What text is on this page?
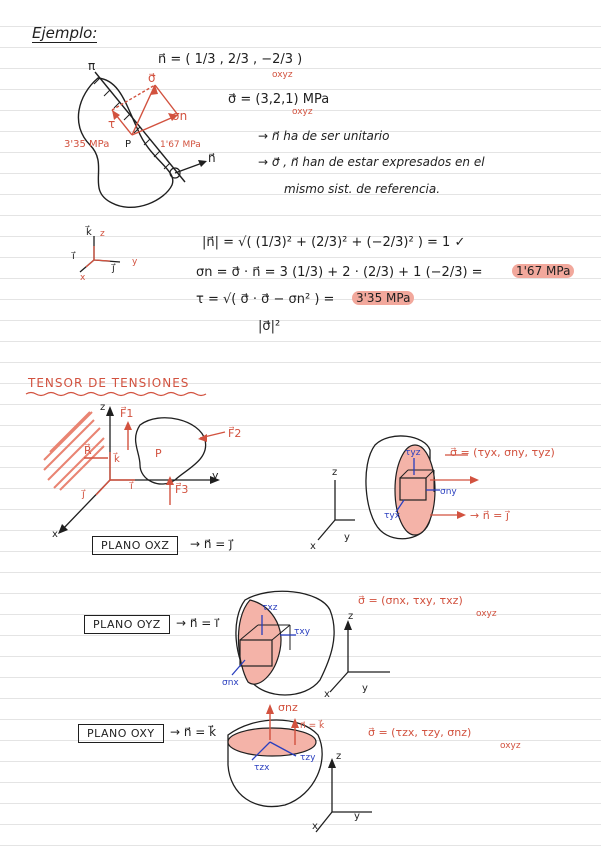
Ejemplo:
π	n⃗ = ( 1/3 , 2/3 , −2/3 )
oxyz
σ⃗ = (3,2,1) MPa
oxyz
σ⃗
σn
τ
P
3'35 MPa	1'67 MPa
n⃗
→ n⃗ ha de ser unitario
→ σ⃗ , n⃗ han de estar expresados en el
mismo sist. de referencia.
k⃗ z
i⃗
j⃗
x
y
|n⃗| = √( (1/3)² + (2/3)² + (−2/3)² ) = 1 ✓
σn = σ⃗ · n⃗ = 3 (1/3) + 2 · (2/3) + 1 (−2/3) =	1'67 MPa
τ = √( σ⃗ · σ⃗ − σn² ) =	3'35 MPa
|σ⃗|²
TENSOR DE TENSIONES
F⃗1
F⃗2
F⃗3
R⃗	P
z
y
x
k⃗
i⃗
j⃗
PLANO OXZ	→ n⃗ = j⃗
σ⃗ = (τyx, σny, τyz)
τyz
σny
τyx	→ n⃗ = j⃗
z
y
x
PLANO OYZ	→ n⃗ = i⃗
σ⃗ = (σnx, τxy, τxz)
oxyz
τxz
τxy
σnx
z
y
x
PLANO OXY	→ n⃗ = k⃗	σ⃗ = (τzx, τzy, σnz)
oxyz
σnz
n⃗ = k⃗
τzy
τzx
z
y
x
